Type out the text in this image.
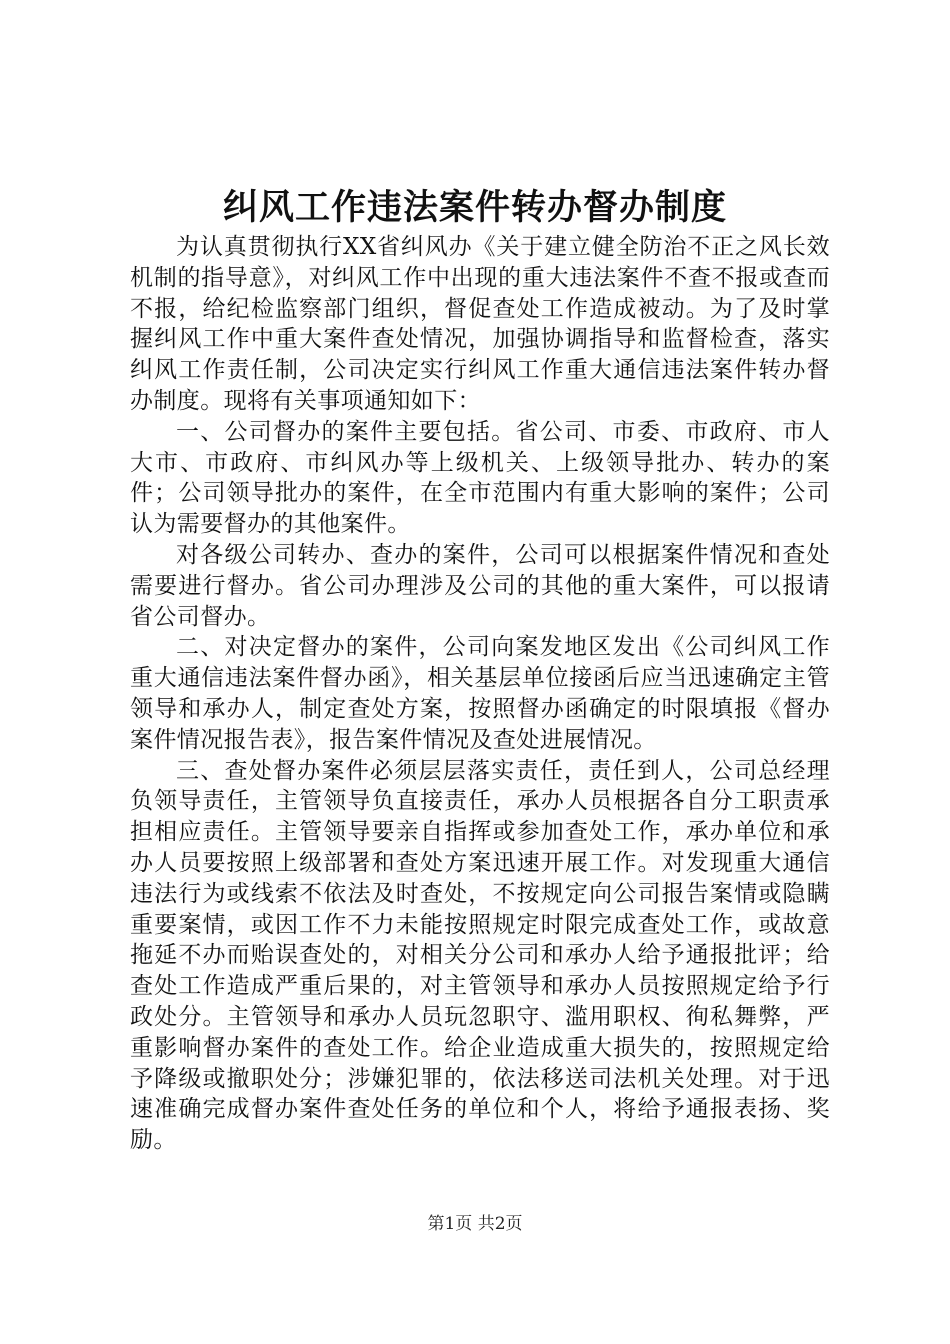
纠风工作违法案件转办督办制度

为认真贯彻执行XX省纠风办《关于建立健全防治不正之风长效机制的指导意》，对纠风工作中出现的重大违法案件不查不报或查而不报，给纪检监察部门组织，督促查处工作造成被动。为了及时掌握纠风工作中重大案件查处情况，加强协调指导和监督检查，落实纠风工作责任制，公司决定实行纠风工作重大通信违法案件转办督办制度。现将有关事项通知如下：

一、公司督办的案件主要包括。省公司、市委、市政府、市人大市、市政府、市纠风办等上级机关、上级领导批办、转办的案件；公司领导批办的案件，在全市范围内有重大影响的案件；公司认为需要督办的其他案件。

对各级公司转办、查办的案件，公司可以根据案件情况和查处需要进行督办。省公司办理涉及公司的其他的重大案件，可以报请省公司督办。

二、对决定督办的案件，公司向案发地区发出《公司纠风工作重大通信违法案件督办函》，相关基层单位接函后应当迅速确定主管领导和承办人，制定查处方案，按照督办函确定的时限填报《督办案件情况报告表》，报告案件情况及查处进展情况。

三、查处督办案件必须层层落实责任，责任到人，公司总经理负领导责任，主管领导负直接责任，承办人员根据各自分工职责承担相应责任。主管领导要亲自指挥或参加查处工作，承办单位和承办人员要按照上级部署和查处方案迅速开展工作。对发现重大通信违法行为或线索不依法及时查处，不按规定向公司报告案情或隐瞒重要案情，或因工作不力未能按照规定时限完成查处工作，或故意拖延不办而贻误查处的，对相关分公司和承办人给予通报批评；给查处工作造成严重后果的，对主管领导和承办人员按照规定给予行政处分。主管领导和承办人员玩忽职守、滥用职权、徇私舞弊，严重影响督办案件的查处工作。给企业造成重大损失的，按照规定给予降级或撤职处分；涉嫌犯罪的，依法移送司法机关处理。对于迅速准确完成督办案件查处任务的单位和个人，将给予通报表扬、奖励。

第1页 共2页
